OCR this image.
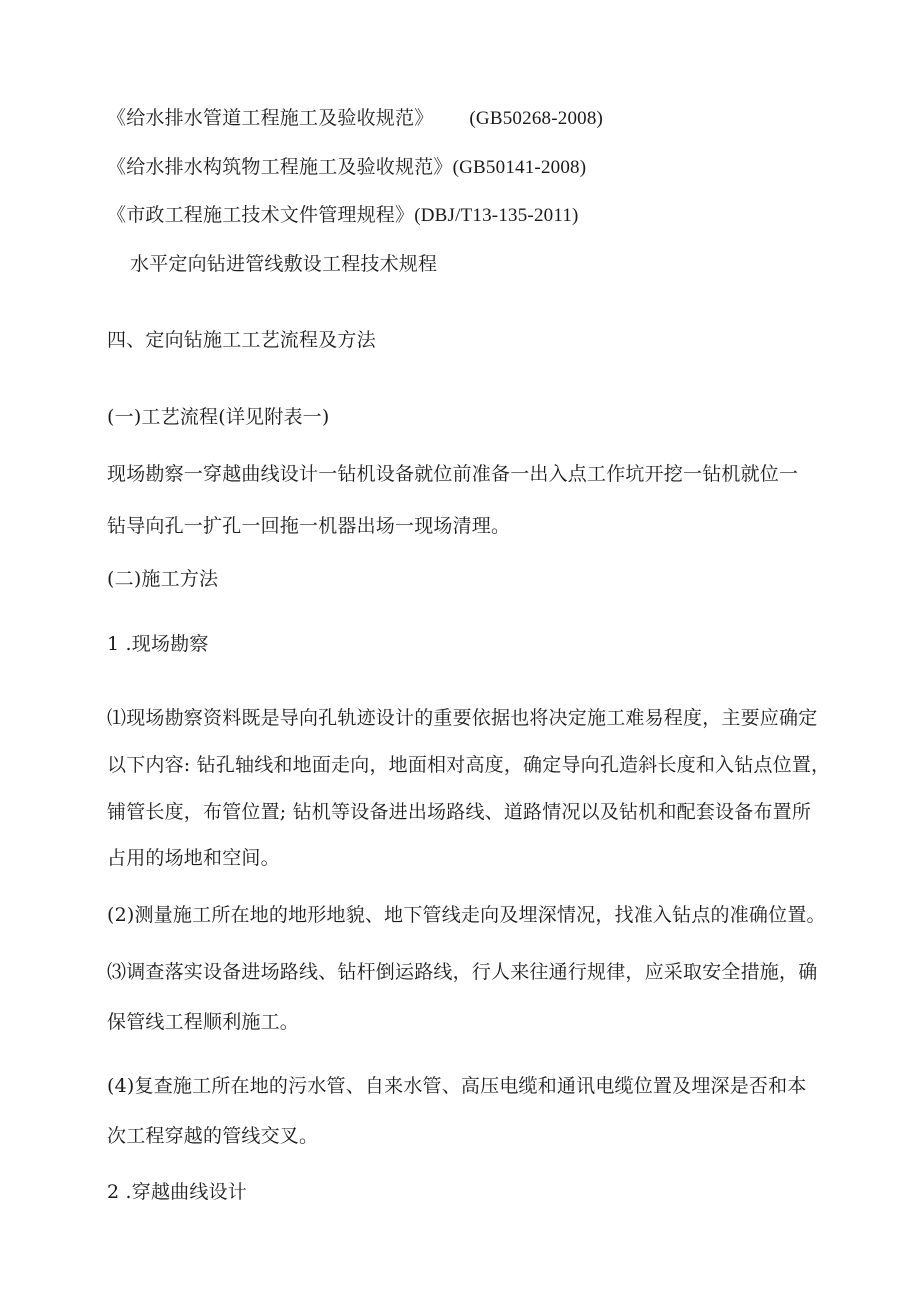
《给水排水管道工程施工及验收规范》 (GB50268-2008)
《给水排水构筑物工程施工及验收规范》(GB50141-2008)
《市政工程施工技术文件管理规程》(DBJ/T13-135-2011)
水平定向钻进管线敷设工程技术规程
四、定向钻施工工艺流程及方法
(一)工艺流程(详见附表一)
现场勘察一穿越曲线设计一钻机设备就位前准备一出入点工作坑开挖一钻机就位一
钻导向孔一扩孔一回拖一机器出场一现场清理。
(二)施工方法
1 .现场勘察
⑴现场勘察资料既是导向孔轨迹设计的重要依据也将决定施工难易程度，主要应确定
以下内容: 钻孔轴线和地面走向，地面相对高度，确定导向孔造斜长度和入钻点位置，
铺管长度，布管位置; 钻机等设备进出场路线、道路情况以及钻机和配套设备布置所
占用的场地和空间。
(2)测量施工所在地的地形地貌、地下管线走向及埋深情况，找准入钻点的准确位置。
⑶调查落实设备进场路线、钻杆倒运路线，行人来往通行规律，应采取安全措施，确
保管线工程顺利施工。
(4)复查施工所在地的污水管、自来水管、高压电缆和通讯电缆位置及埋深是否和本
次工程穿越的管线交叉。
2 .穿越曲线设计
